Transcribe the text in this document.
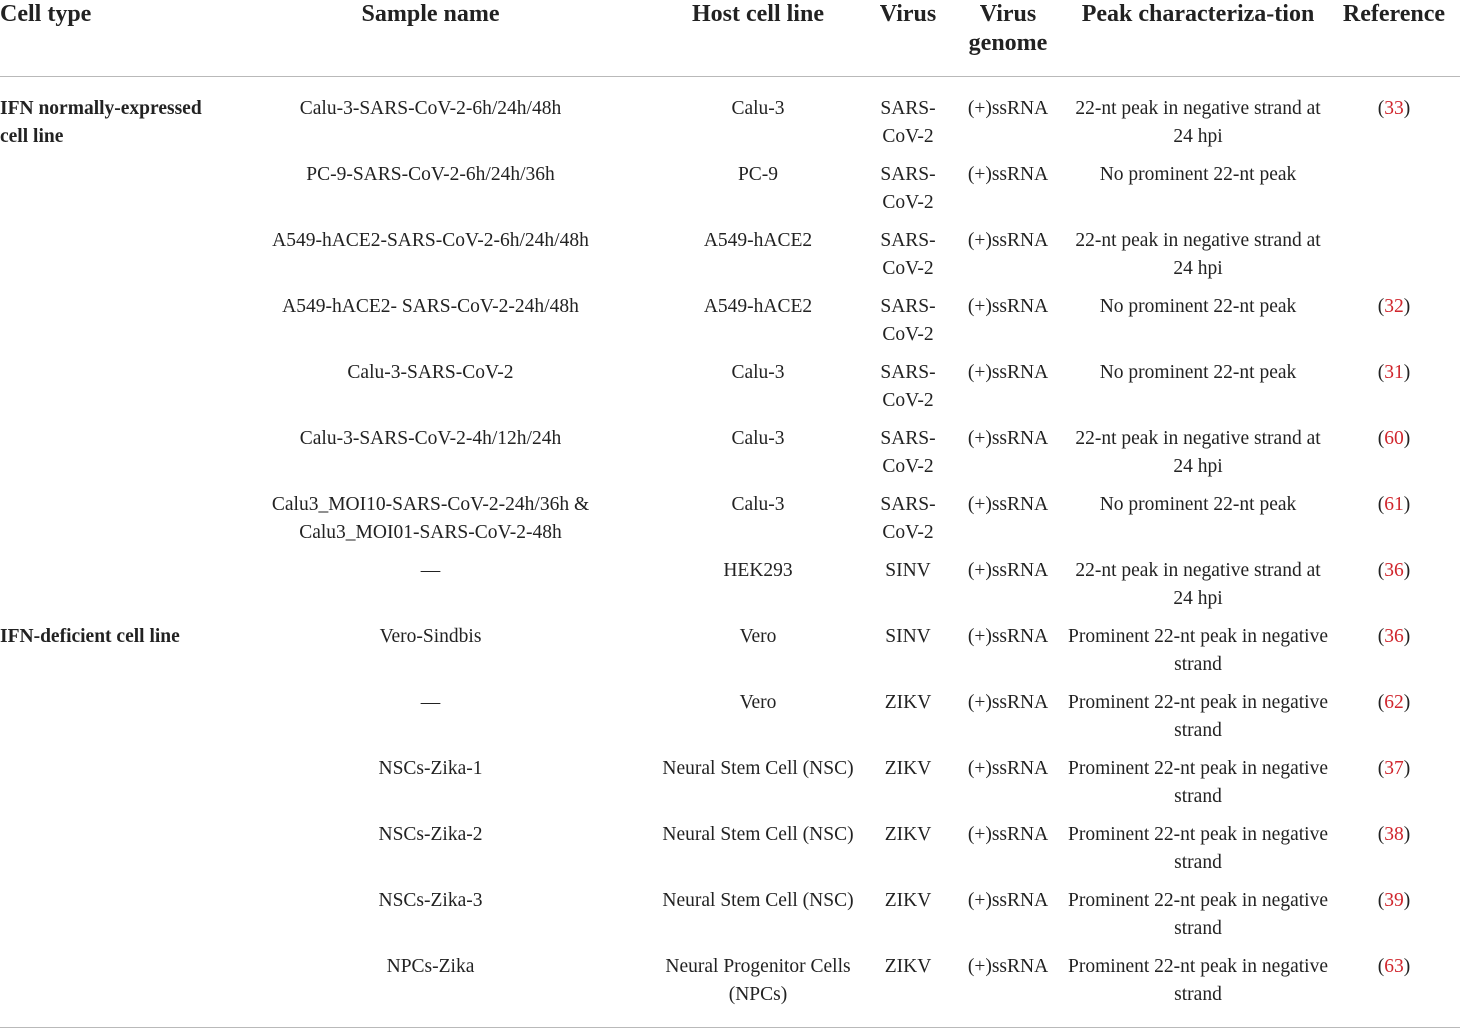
Cell type	Sample name	Host cell line	Virus	Virus genome	Peak characteriza-tion	Reference
IFN normally-expressed cell line	Calu-3-SARS-CoV-2-6h/24h/48h	Calu-3	SARS-CoV-2	(+)ssRNA	22-nt peak in negative strand at 24 hpi	(33)
	PC-9-SARS-CoV-2-6h/24h/36h	PC-9	SARS-CoV-2	(+)ssRNA	No prominent 22-nt peak	
	A549-hACE2-SARS-CoV-2-6h/24h/48h	A549-hACE2	SARS-CoV-2	(+)ssRNA	22-nt peak in negative strand at 24 hpi	
	A549-hACE2- SARS-CoV-2-24h/48h	A549-hACE2	SARS-CoV-2	(+)ssRNA	No prominent 22-nt peak	(32)
	Calu-3-SARS-CoV-2	Calu-3	SARS-CoV-2	(+)ssRNA	No prominent 22-nt peak	(31)
	Calu-3-SARS-CoV-2-4h/12h/24h	Calu-3	SARS-CoV-2	(+)ssRNA	22-nt peak in negative strand at 24 hpi	(60)
	Calu3_MOI10-SARS-CoV-2-24h/36h & Calu3_MOI01-SARS-CoV-2-48h	Calu-3	SARS-CoV-2	(+)ssRNA	No prominent 22-nt peak	(61)
	—	HEK293	SINV	(+)ssRNA	22-nt peak in negative strand at 24 hpi	(36)
IFN-deficient cell line	Vero-Sindbis	Vero	SINV	(+)ssRNA	Prominent 22-nt peak in negative strand	(36)
	—	Vero	ZIKV	(+)ssRNA	Prominent 22-nt peak in negative strand	(62)
	NSCs-Zika-1	Neural Stem Cell (NSC)	ZIKV	(+)ssRNA	Prominent 22-nt peak in negative strand	(37)
	NSCs-Zika-2	Neural Stem Cell (NSC)	ZIKV	(+)ssRNA	Prominent 22-nt peak in negative strand	(38)
	NSCs-Zika-3	Neural Stem Cell (NSC)	ZIKV	(+)ssRNA	Prominent 22-nt peak in negative strand	(39)
	NPCs-Zika	Neural Progenitor Cells (NPCs)	ZIKV	(+)ssRNA	Prominent 22-nt peak in negative strand	(63)
